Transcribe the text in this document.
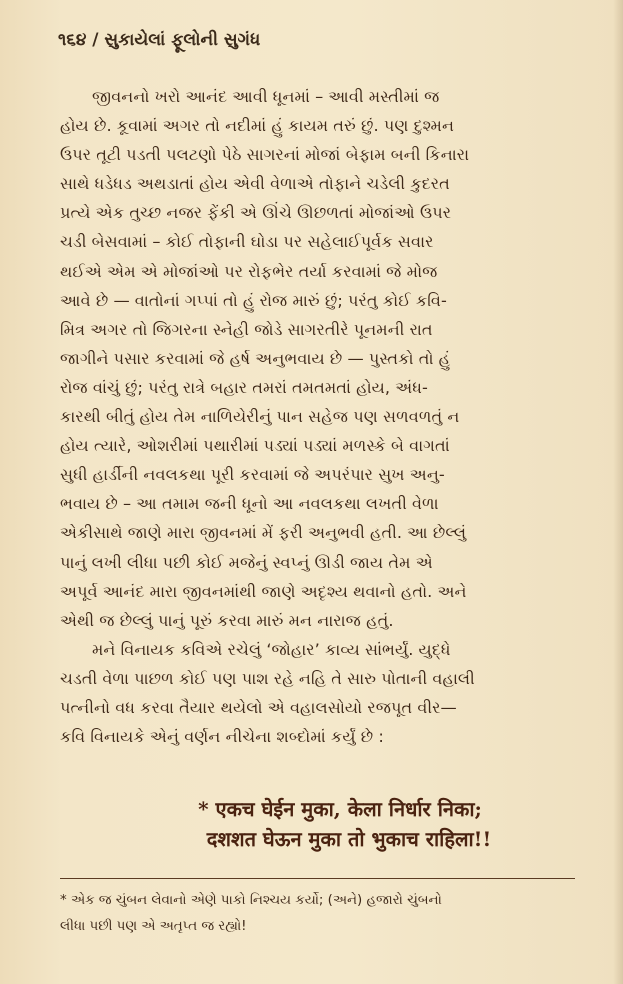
૧૬૪ / સુકાયેલાં ફૂલોની સુગંધ

જીવનનો ખરો આનંદ આવી ધૂનમાં – આવી મસ્તીમાં જ
હોય છે. કૂવામાં અગર તો નદીમાં હું કાયમ તરું છું. પણ દુશ્મન
ઉપર તૂટી પડતી પલટણો પેઠે સાગરનાં મોજાં બેફામ બની કિનારા
સાથે ધડેધડ અથડાતાં હોય એવી વેળાએ તોફાને ચડેલી કુદરત
પ્રત્યે એક તુચ્છ નજર ફેંકી એ ઊંચે ઊછળતાં મોજાંઓ ઉપર
ચડી બેસવામાં – કોઈ તોફાની ઘોડા પર સહેલાઈપૂર્વક સવાર
થઈએ એમ એ મોજાંઓ પર રોફભેર તર્યા કરવામાં જે મોજ
આવે છે — વાતોનાં ગપ્પાં તો હું રોજ મારું છું; પરંતુ કોઈ કવિ-
મિત્ર અગર તો જિગરના સ્નેહી જોડે સાગરતીરે પૂનમની રાત
જાગીને પસાર કરવામાં જે હર્ષ અનુભવાય છે — પુસ્તકો તો હું
રોજ વાંચું છું; પરંતુ રાત્રે બહાર તમરાં તમતમતાં હોય, અંધ-
કારથી બીતું હોય તેમ નાળિયેરીનું પાન સહેજ પણ સળવળતું ન
હોય ત્યારે, ઓશરીમાં પથારીમાં પડ્યાં પડ્યાં મળસ્કે બે વાગતાં
સુધી હાર્ડીની નવલકથા પૂરી કરવામાં જે અપરંપાર સુખ અનુ-
ભવાય છે – આ તમામ જની ધૂનો આ નવલકથા લખતી વેળા
એકીસાથે જાણે મારા જીવનમાં મેં ફરી અનુભવી હતી. આ છેલ્લું
પાનું લખી લીધા પછી કોઈ મજેનું સ્વપ્નું ઊડી જાય તેમ એ
અપૂર્વ આનંદ મારા જીવનમાંથી જાણે અદૃશ્ય થવાનો હતો. અને
એથી જ છેલ્લું પાનું પૂરું કરવા મારું મન નારાજ હતું.

મને વિનાયક કવિએ રચેલું ‘જોહાર’ કાવ્ય સાંભર્યું. યુદ્ધે
ચડતી વેળા પાછળ કોઈ પણ પાશ રહે નહિ તે સારુ પોતાની વહાલી
પત્નીનો વધ કરવા તૈયાર થયેલો એ વહાલસોયો રજપૂત વીર—
કવિ વિનાયકે એનું વર્ણન નીચેના શબ્દોમાં કર્યું છે :

* एकच घेईन मुका, केला निर्धार निका;
दशशत घेऊन मुका तो भुकाच राहिला!!
* એક જ ચુંબન લેવાનો એણે પાકો નિશ્ચય કર્યો; (અને) હજારો ચુંબનો
લીધા પછી પણ એ અતૃપ્ત જ રહ્યો!
